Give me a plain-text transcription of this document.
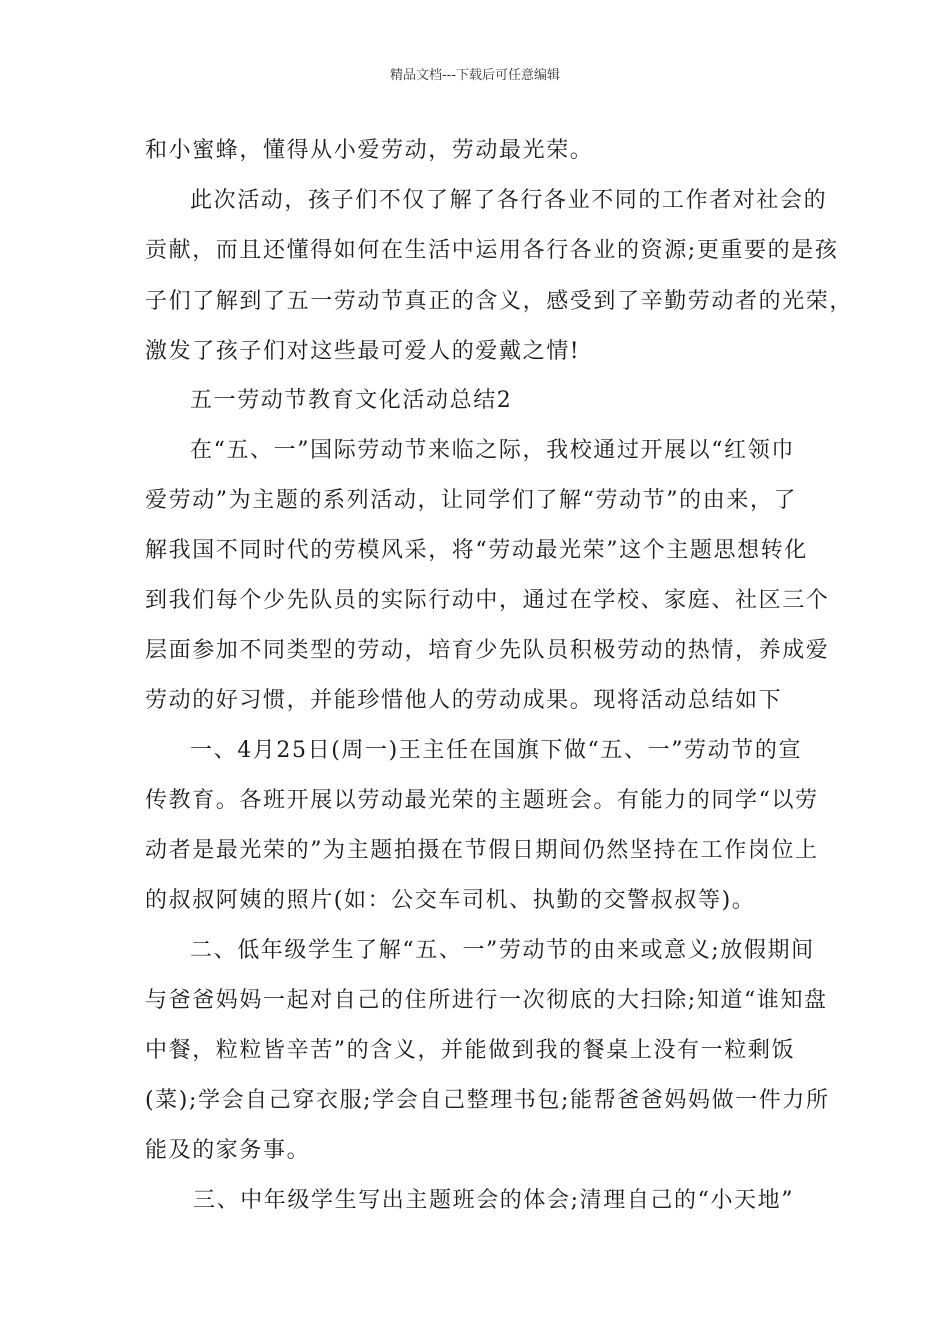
精品文档---下载后可任意编辑
和小蜜蜂，懂得从小爱劳动，劳动最光荣。
此次活动，孩子们不仅了解了各行各业不同的工作者对社会的
贡献，而且还懂得如何在生活中运用各行各业的资源;更重要的是孩
子们了解到了五一劳动节真正的含义，感受到了辛勤劳动者的光荣，
激发了孩子们对这些最可爱人的爱戴之情!
五一劳动节教育文化活动总结2
在“五、一”国际劳动节来临之际，我校通过开展以“红领巾
爱劳动”为主题的系列活动，让同学们了解“劳动节”的由来，了
解我国不同时代的劳模风采，将“劳动最光荣”这个主题思想转化
到我们每个少先队员的实际行动中，通过在学校、家庭、社区三个
层面参加不同类型的劳动，培育少先队员积极劳动的热情，养成爱
劳动的好习惯，并能珍惜他人的劳动成果。现将活动总结如下
一、4月25日(周一)王主任在国旗下做“五、一”劳动节的宣
传教育。各班开展以劳动最光荣的主题班会。有能力的同学“以劳
动者是最光荣的”为主题拍摄在节假日期间仍然坚持在工作岗位上
的叔叔阿姨的照片(如：公交车司机、执勤的交警叔叔等)。
二、低年级学生了解“五、一”劳动节的由来或意义;放假期间
与爸爸妈妈一起对自己的住所进行一次彻底的大扫除;知道“谁知盘
中餐，粒粒皆辛苦”的含义，并能做到我的餐桌上没有一粒剩饭
(菜);学会自己穿衣服;学会自己整理书包;能帮爸爸妈妈做一件力所
能及的家务事。
三、中年级学生写出主题班会的体会;清理自己的“小天地”
